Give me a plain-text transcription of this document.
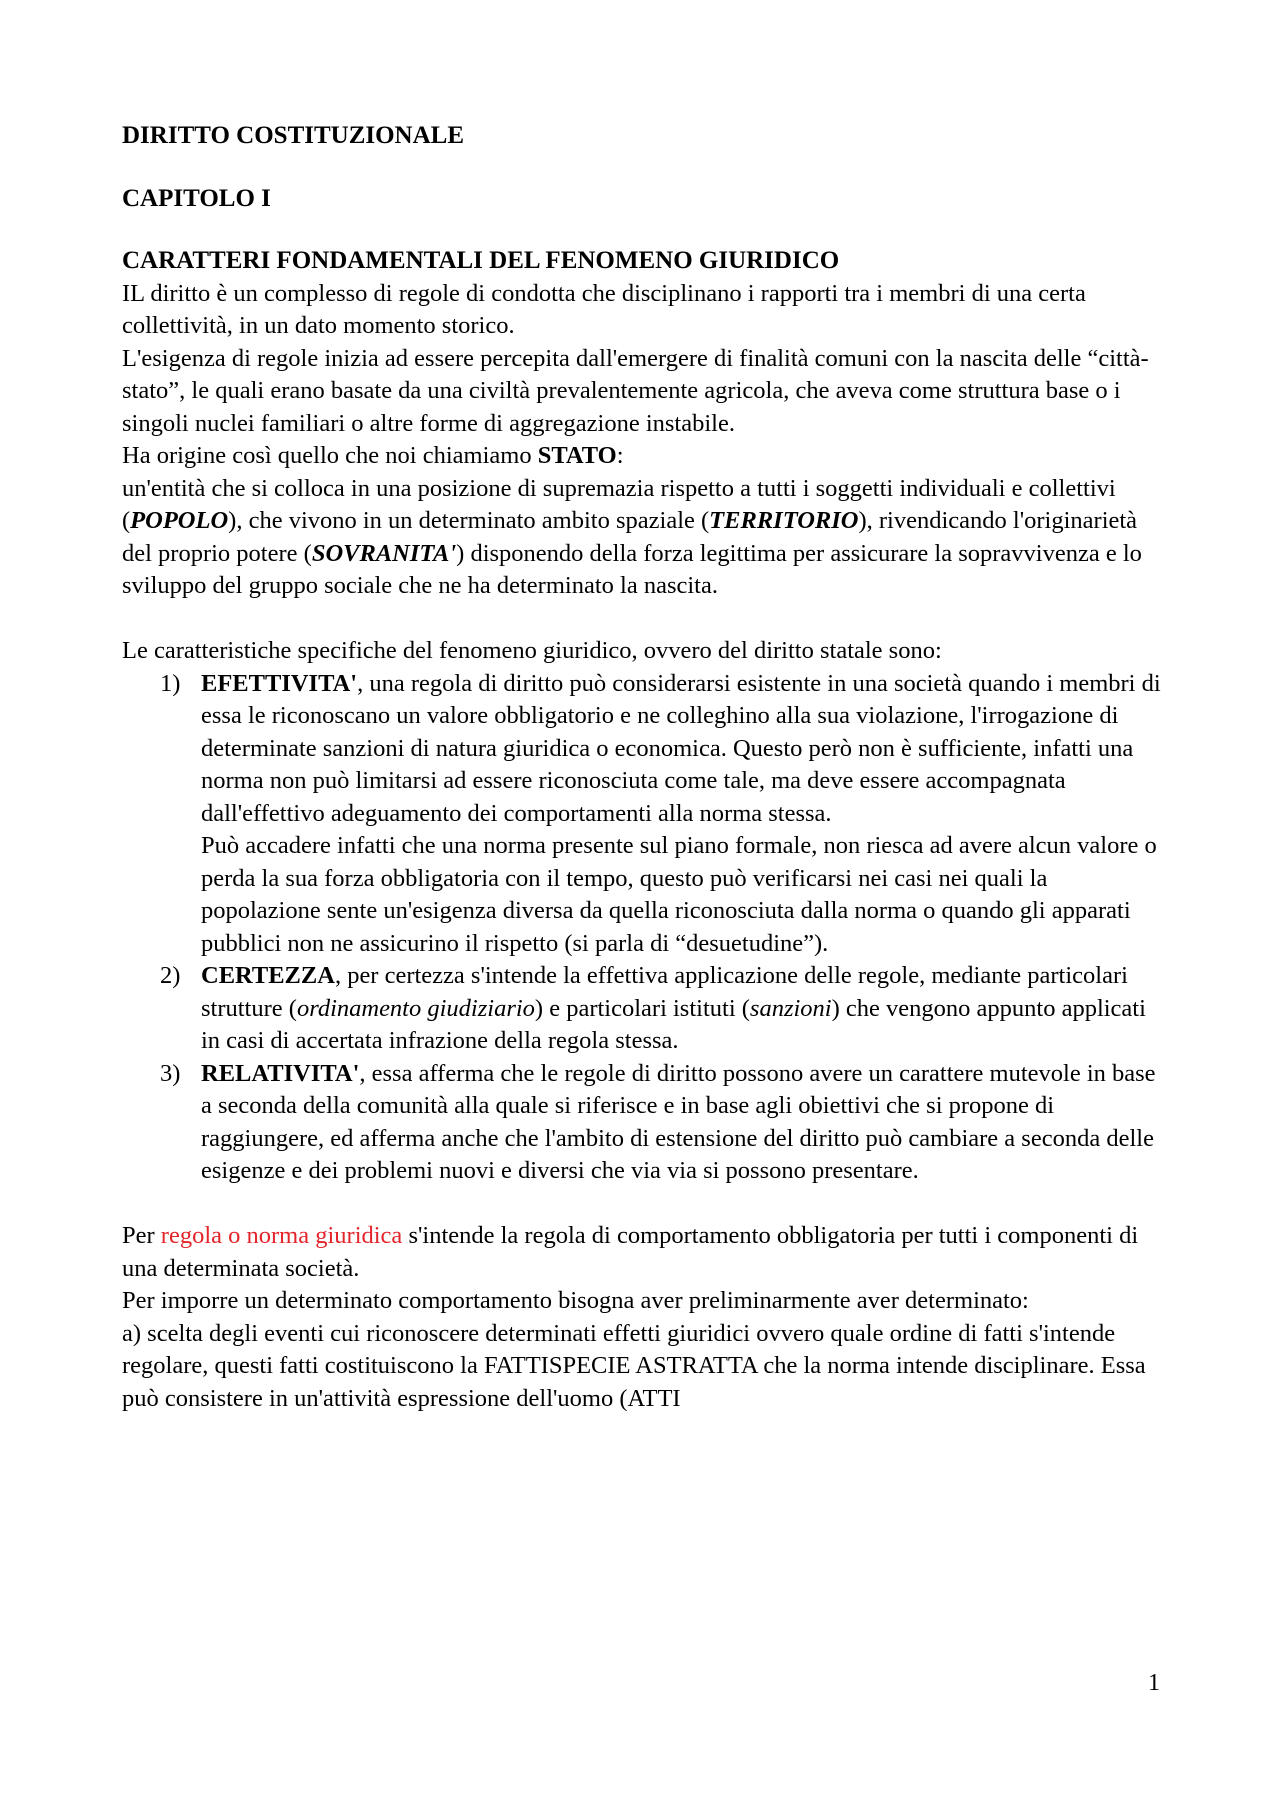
DIRITTO COSTITUZIONALE

CAPITOLO I

CARATTERI FONDAMENTALI DEL FENOMENO GIURIDICO

IL diritto è un complesso di regole di condotta che disciplinano i rapporti tra i membri di una certa collettività, in un dato momento storico.

L'esigenza di regole inizia ad essere percepita dall'emergere di finalità comuni con la nascita delle “città-stato”, le quali erano basate da una civiltà prevalentemente agricola, che aveva come struttura base o i singoli nuclei familiari o altre forme di aggregazione instabile.

Ha origine così quello che noi chiamiamo STATO:

un'entità che si colloca in una posizione di supremazia rispetto a tutti i soggetti individuali e collettivi (POPOLO), che vivono in un determinato ambito spaziale (TERRITORIO), rivendicando l'originarietà del proprio potere (SOVRANITA') disponendo della forza legittima per assicurare la sopravvivenza e lo sviluppo del gruppo sociale che ne ha determinato la nascita.

Le caratteristiche specifiche del fenomeno giuridico, ovvero del diritto statale sono:

1) EFETTIVITA', una regola di diritto può considerarsi esistente in una società quando i membri di essa le riconoscano un valore obbligatorio e ne colleghino alla sua violazione, l'irrogazione di determinate sanzioni di natura giuridica o economica. Questo però non è sufficiente, infatti una norma non può limitarsi ad essere riconosciuta come tale, ma deve essere accompagnata dall'effettivo adeguamento dei comportamenti alla norma stessa.

Può accadere infatti che una norma presente sul piano formale, non riesca ad avere alcun valore o perda la sua forza obbligatoria con il tempo, questo può verificarsi nei casi nei quali la popolazione sente un'esigenza diversa da quella riconosciuta dalla norma o quando gli apparati pubblici non ne assicurino il rispetto (si parla di “desuetudine”).

2) CERTEZZA, per certezza s'intende la effettiva applicazione delle regole, mediante particolari strutture (ordinamento giudiziario) e particolari istituti (sanzioni) che vengono appunto applicati in casi di accertata infrazione della regola stessa.

3) RELATIVITA', essa afferma che le regole di diritto possono avere un carattere mutevole in base a seconda della comunità alla quale si riferisce e in base agli obiettivi che si propone di raggiungere, ed afferma anche che l'ambito di estensione del diritto può cambiare a seconda delle esigenze e dei problemi nuovi e diversi che via via si possono presentare.

Per regola o norma giuridica s'intende la regola di comportamento obbligatoria per tutti i componenti di una determinata società.

Per imporre un determinato comportamento bisogna aver preliminarmente aver determinato:

a) scelta degli eventi cui riconoscere determinati effetti giuridici ovvero quale ordine di fatti s'intende regolare, questi fatti costituiscono la FATTISPECIE ASTRATTA che la norma intende disciplinare. Essa può consistere in un'attività espressione dell'uomo (ATTI

1
